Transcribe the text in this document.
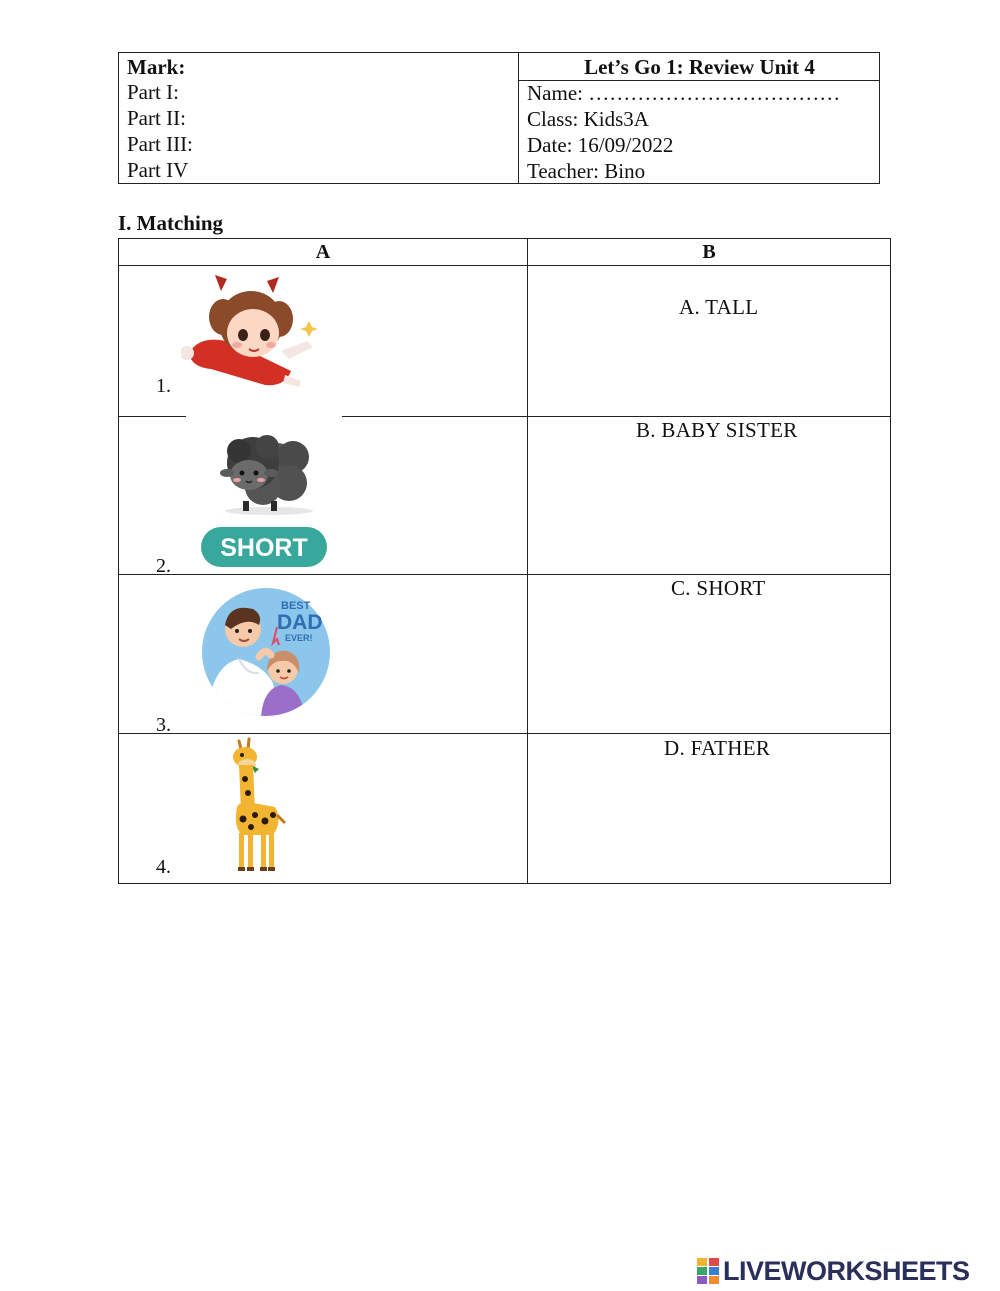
Mark:
Part I:
Part II:
Part III:
Part IV
Let’s Go 1: Review Unit 4
Name: ………………………………
Class: Kids3A
Date: 16/09/2022
Teacher: Bino
I. Matching
A	B
1.
A. TALL
2.
SHORT
B. BABY SISTER
3.
BEST
DAD
EVER!
C. SHORT
4.
D. FATHER
LIVEWORKSHEETS
